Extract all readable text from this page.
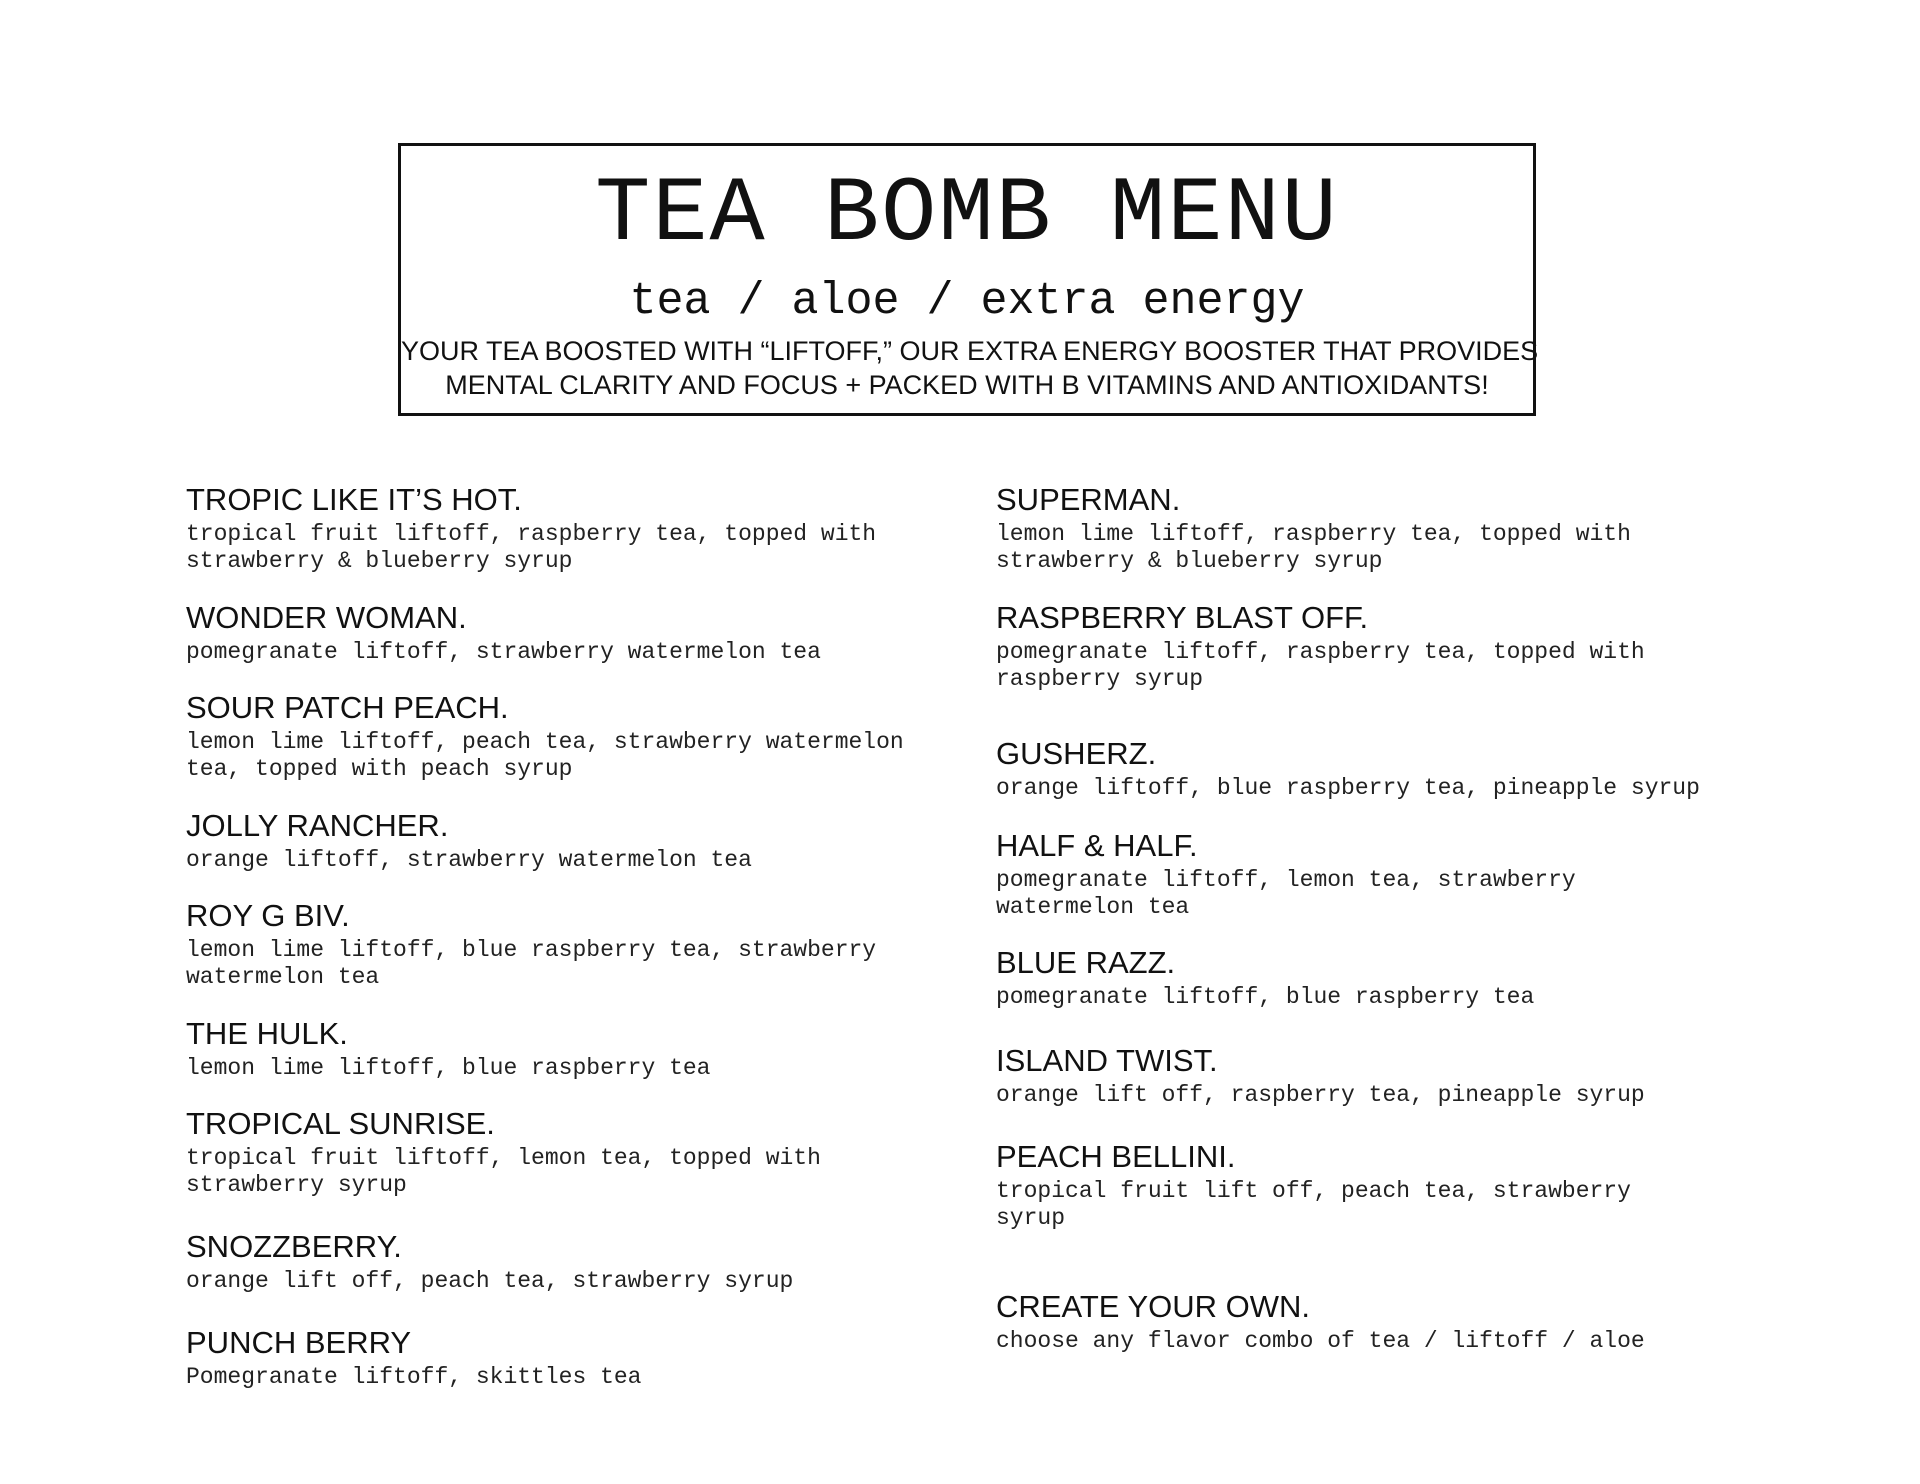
TEA BOMB MENU
tea / aloe / extra energy
YOUR TEA BOOSTED WITH “LIFTOFF,” OUR EXTRA ENERGY BOOSTER THAT PROVIDES
MENTAL CLARITY AND FOCUS + PACKED WITH B VITAMINS AND ANTIOXIDANTS!
TROPIC LIKE IT’S HOT.
tropical fruit liftoff, raspberry tea, topped with
strawberry & blueberry syrup
WONDER WOMAN.
pomegranate liftoff, strawberry watermelon tea
SOUR PATCH PEACH.
lemon lime liftoff, peach tea, strawberry watermelon
tea, topped with peach syrup
JOLLY RANCHER.
orange liftoff, strawberry watermelon tea
ROY G BIV.
lemon lime liftoff, blue raspberry tea, strawberry
watermelon tea
THE HULK.
lemon lime liftoff, blue raspberry tea
TROPICAL SUNRISE.
tropical fruit liftoff, lemon tea, topped with
strawberry syrup
SNOZZBERRY.
orange lift off, peach tea, strawberry syrup
PUNCH BERRY
Pomegranate liftoff, skittles tea
SUPERMAN.
lemon lime liftoff, raspberry tea, topped with
strawberry & blueberry syrup
RASPBERRY BLAST OFF.
pomegranate liftoff, raspberry tea, topped with
raspberry syrup
GUSHERZ.
orange liftoff, blue raspberry tea, pineapple syrup
HALF & HALF.
pomegranate liftoff, lemon tea, strawberry
watermelon tea
BLUE RAZZ.
pomegranate liftoff, blue raspberry tea
ISLAND TWIST.
orange lift off, raspberry tea, pineapple syrup
PEACH BELLINI.
tropical fruit lift off, peach tea, strawberry
syrup
CREATE YOUR OWN.
choose any flavor combo of tea / liftoff / aloe
